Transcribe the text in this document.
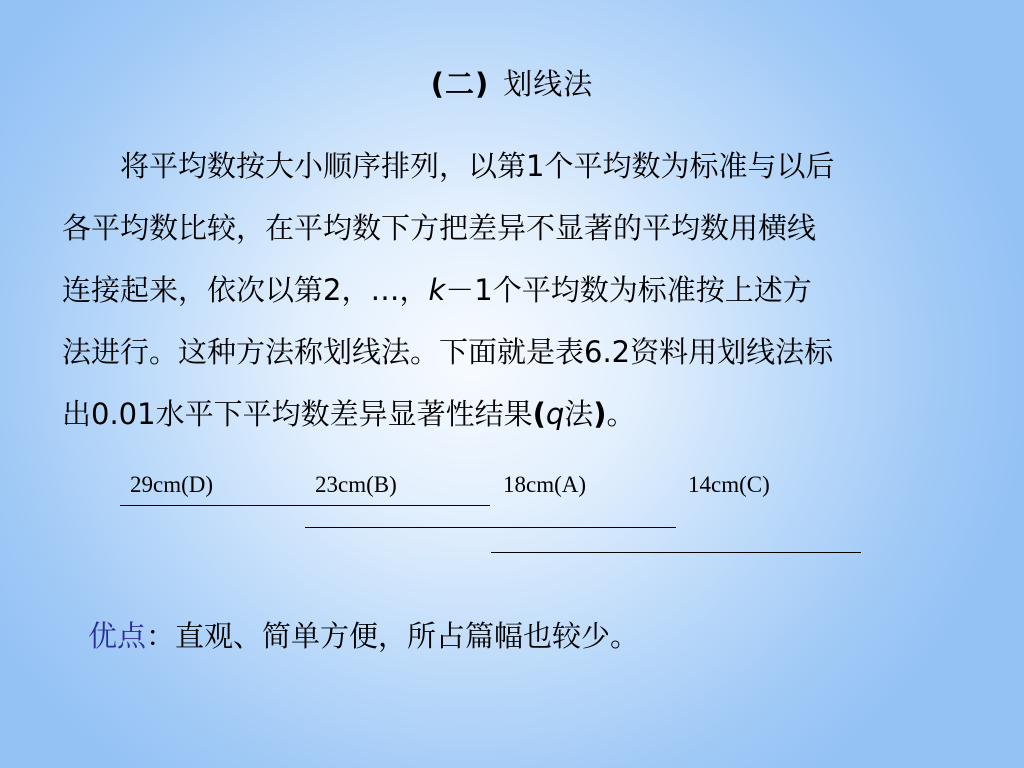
(二) 划线法
将平均数按大小顺序排列，以第1个平均数为标准与以后
各平均数比较，在平均数下方把差异不显著的平均数用横线
连接起来，依次以第2，…，k－1个平均数为标准按上述方
法进行。这种方法称划线法。下面就是表6.2资料用划线法标
出0.01水平下平均数差异显著性结果(q法)。
29cm(D)	23cm(B)	18cm(A)	14cm(C)
优点：直观、简单方便，所占篇幅也较少。
